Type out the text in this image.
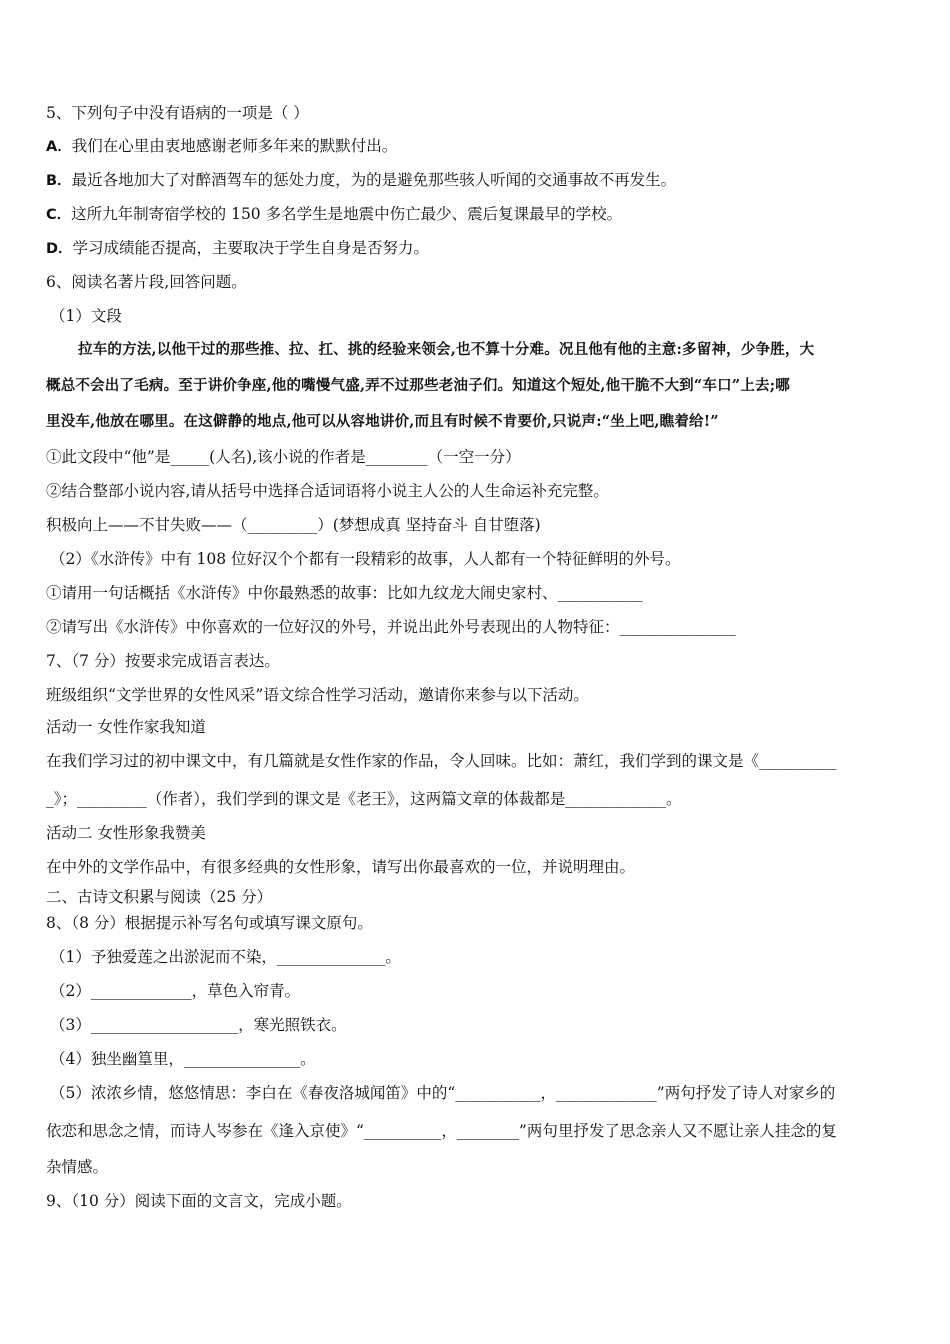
5、下列句子中没有语病的一项是（ ）
A．我们在心里由衷地感谢老师多年来的默默付出。
B．最近各地加大了对醉酒驾车的惩处力度，为的是避免那些骇人听闻的交通事故不再发生。
C．这所九年制寄宿学校的 150 多名学生是地震中伤亡最少、震后复课最早的学校。
D．学习成绩能否提高，主要取决于学生自身是否努力。
6、阅读名著片段,回答问题。
（1）文段
拉车的方法,以他干过的那些推、拉、扛、挑的经验来领会,也不算十分难。况且他有他的主意:多留神，少争胜，大
概总不会出了毛病。至于讲价争座,他的嘴慢气盛,弄不过那些老油子们。知道这个短处,他干脆不大到“车口”上去;哪
里没车,他放在哪里。在这僻静的地点,他可以从容地讲价,而且有时候不肯要价,只说声:“坐上吧,瞧着给!”
①此文段中“他”是_____(人名),该小说的作者是________（一空一分）
②结合整部小说内容,请从括号中选择合适词语将小说主人公的人生命运补充完整。
积极向上——不甘失败——（_________）(梦想成真 坚持奋斗 自甘堕落)
（2）《水浒传》中有 108 位好汉个个都有一段精彩的故事，人人都有一个特征鲜明的外号。
①请用一句话概括《水浒传》中你最熟悉的故事：比如九纹龙大闹史家村、___________
②请写出《水浒传》中你喜欢的一位好汉的外号，并说出此外号表现出的人物特征：_______________
7、（7 分）按要求完成语言表达。
班级组织“文学世界的女性风采”语文综合性学习活动，邀请你来参与以下活动。
活动一 女性作家我知道
在我们学习过的初中课文中，有几篇就是女性作家的作品，令人回味。比如：萧红，我们学到的课文是《__________
_》；_________（作者），我们学到的课文是《老王》，这两篇文章的体裁都是_____________。
活动二 女性形象我赞美
在中外的文学作品中，有很多经典的女性形象，请写出你最喜欢的一位，并说明理由。
二、古诗文积累与阅读（25 分）
8、（8 分）根据提示补写名句或填写课文原句。
（1）予独爱莲之出淤泥而不染，______________。
（2）_____________，草色入帘青。
（3）___________________，寒光照铁衣。
（4）独坐幽篁里，_______________。
（5）浓浓乡情，悠悠情思：李白在《春夜洛城闻笛》中的“___________，_____________”两句抒发了诗人对家乡的
依恋和思念之情，而诗人岑参在《逢入京使》“__________，________”两句里抒发了思念亲人又不愿让亲人挂念的复
杂情感。
9、（10 分）阅读下面的文言文，完成小题。
